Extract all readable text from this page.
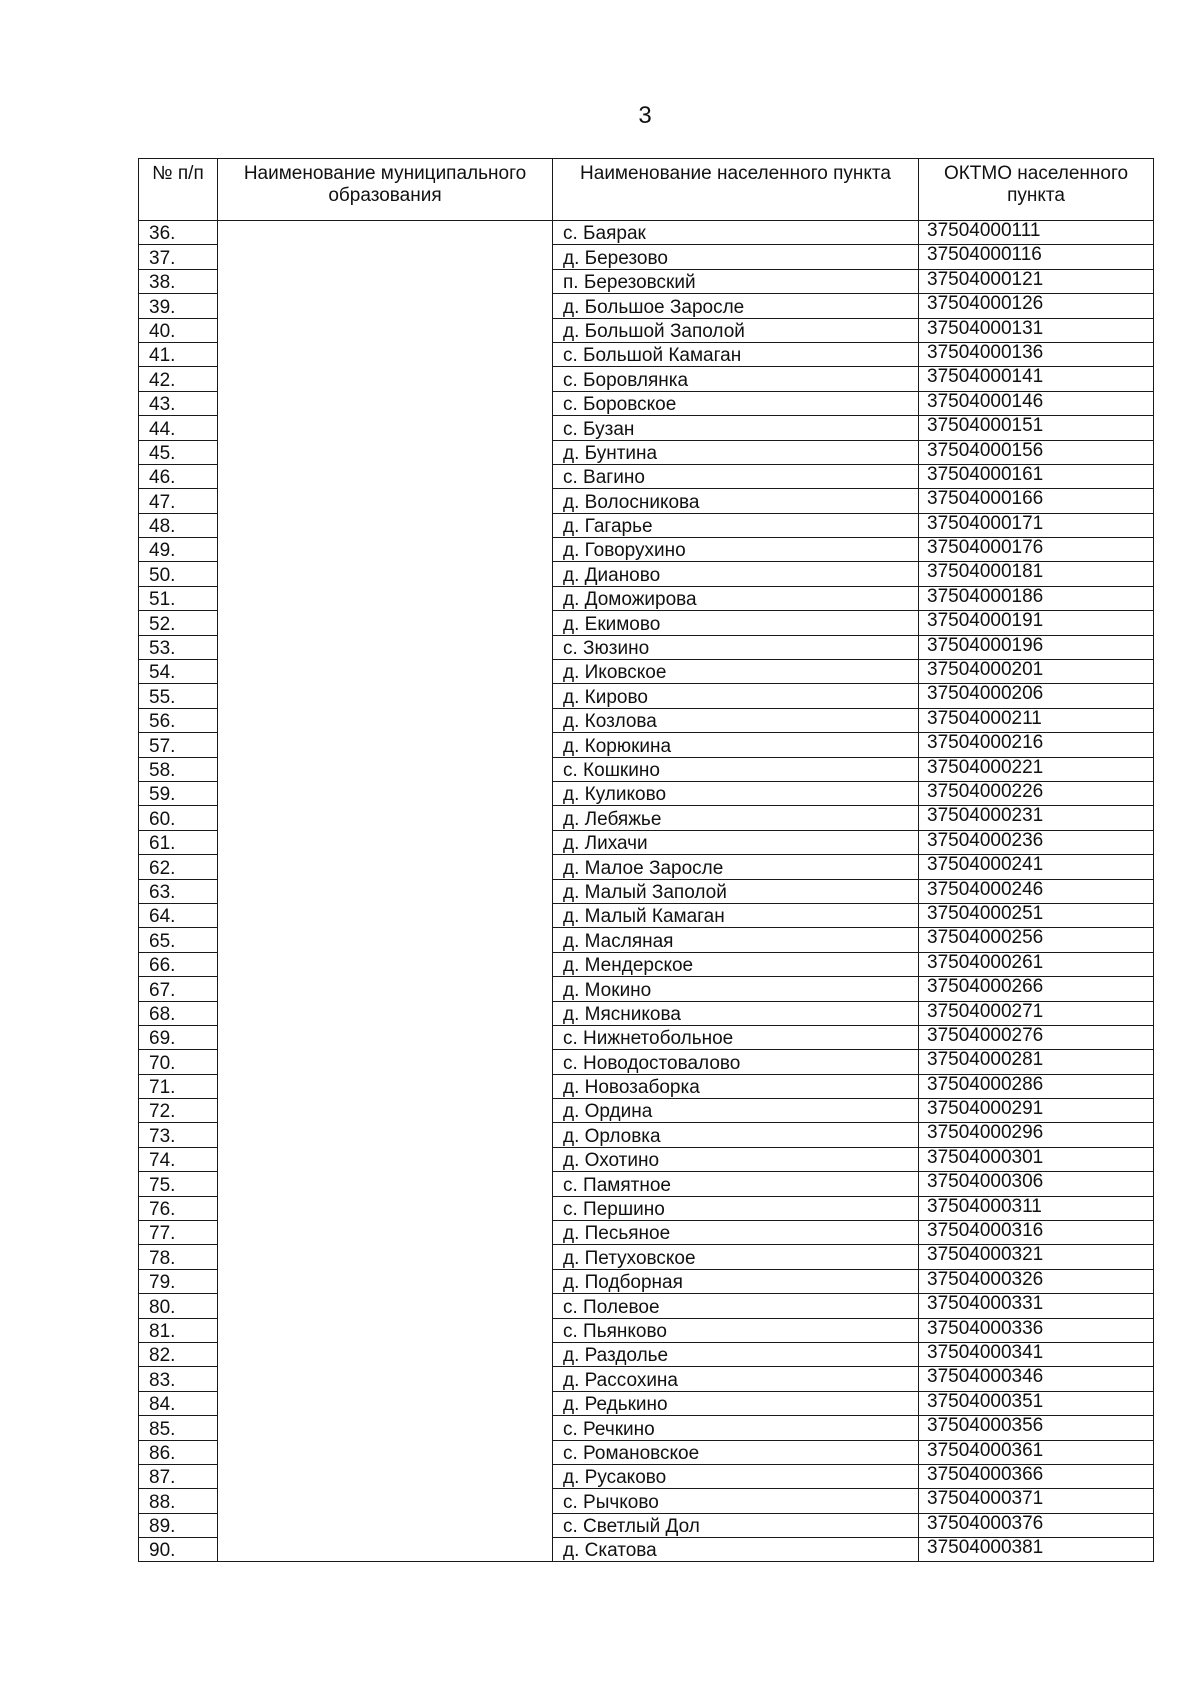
3
№ п/п	Наименование муниципального образования	Наименование населенного пункта	ОКТМО населенного пункта
36.		с. Баярак	37504000111
37.		д. Березово	37504000116
38.		п. Березовский	37504000121
39.		д. Большое Заросле	37504000126
40.		д. Большой Заполой	37504000131
41.		с. Большой Камаган	37504000136
42.		с. Боровлянка	37504000141
43.		с. Боровское	37504000146
44.		с. Бузан	37504000151
45.		д. Бунтина	37504000156
46.		с. Вагино	37504000161
47.		д. Волосникова	37504000166
48.		д. Гагарье	37504000171
49.		д. Говорухино	37504000176
50.		д. Дианово	37504000181
51.		д. Доможирова	37504000186
52.		д. Екимово	37504000191
53.		с. Зюзино	37504000196
54.		д. Иковское	37504000201
55.		д. Кирово	37504000206
56.		д. Козлова	37504000211
57.		д. Корюкина	37504000216
58.		с. Кошкино	37504000221
59.		д. Куликово	37504000226
60.		д. Лебяжье	37504000231
61.		д. Лихачи	37504000236
62.		д. Малое Заросле	37504000241
63.		д. Малый Заполой	37504000246
64.		д. Малый Камаган	37504000251
65.		д. Масляная	37504000256
66.		д. Мендерское	37504000261
67.		д. Мокино	37504000266
68.		д. Мясникова	37504000271
69.		с. Нижнетобольное	37504000276
70.		с. Новодостовалово	37504000281
71.		д. Новозаборка	37504000286
72.		д. Ордина	37504000291
73.		д. Орловка	37504000296
74.		д. Охотино	37504000301
75.		с. Памятное	37504000306
76.		с. Першино	37504000311
77.		д. Песьяное	37504000316
78.		д. Петуховское	37504000321
79.		д. Подборная	37504000326
80.		с. Полевое	37504000331
81.		с. Пьянково	37504000336
82.		д. Раздолье	37504000341
83.		д. Рассохина	37504000346
84.		д. Редькино	37504000351
85.		с. Речкино	37504000356
86.		с. Романовское	37504000361
87.		д. Русаково	37504000366
88.		с. Рычково	37504000371
89.		с. Светлый Дол	37504000376
90.		д. Скатова	37504000381
